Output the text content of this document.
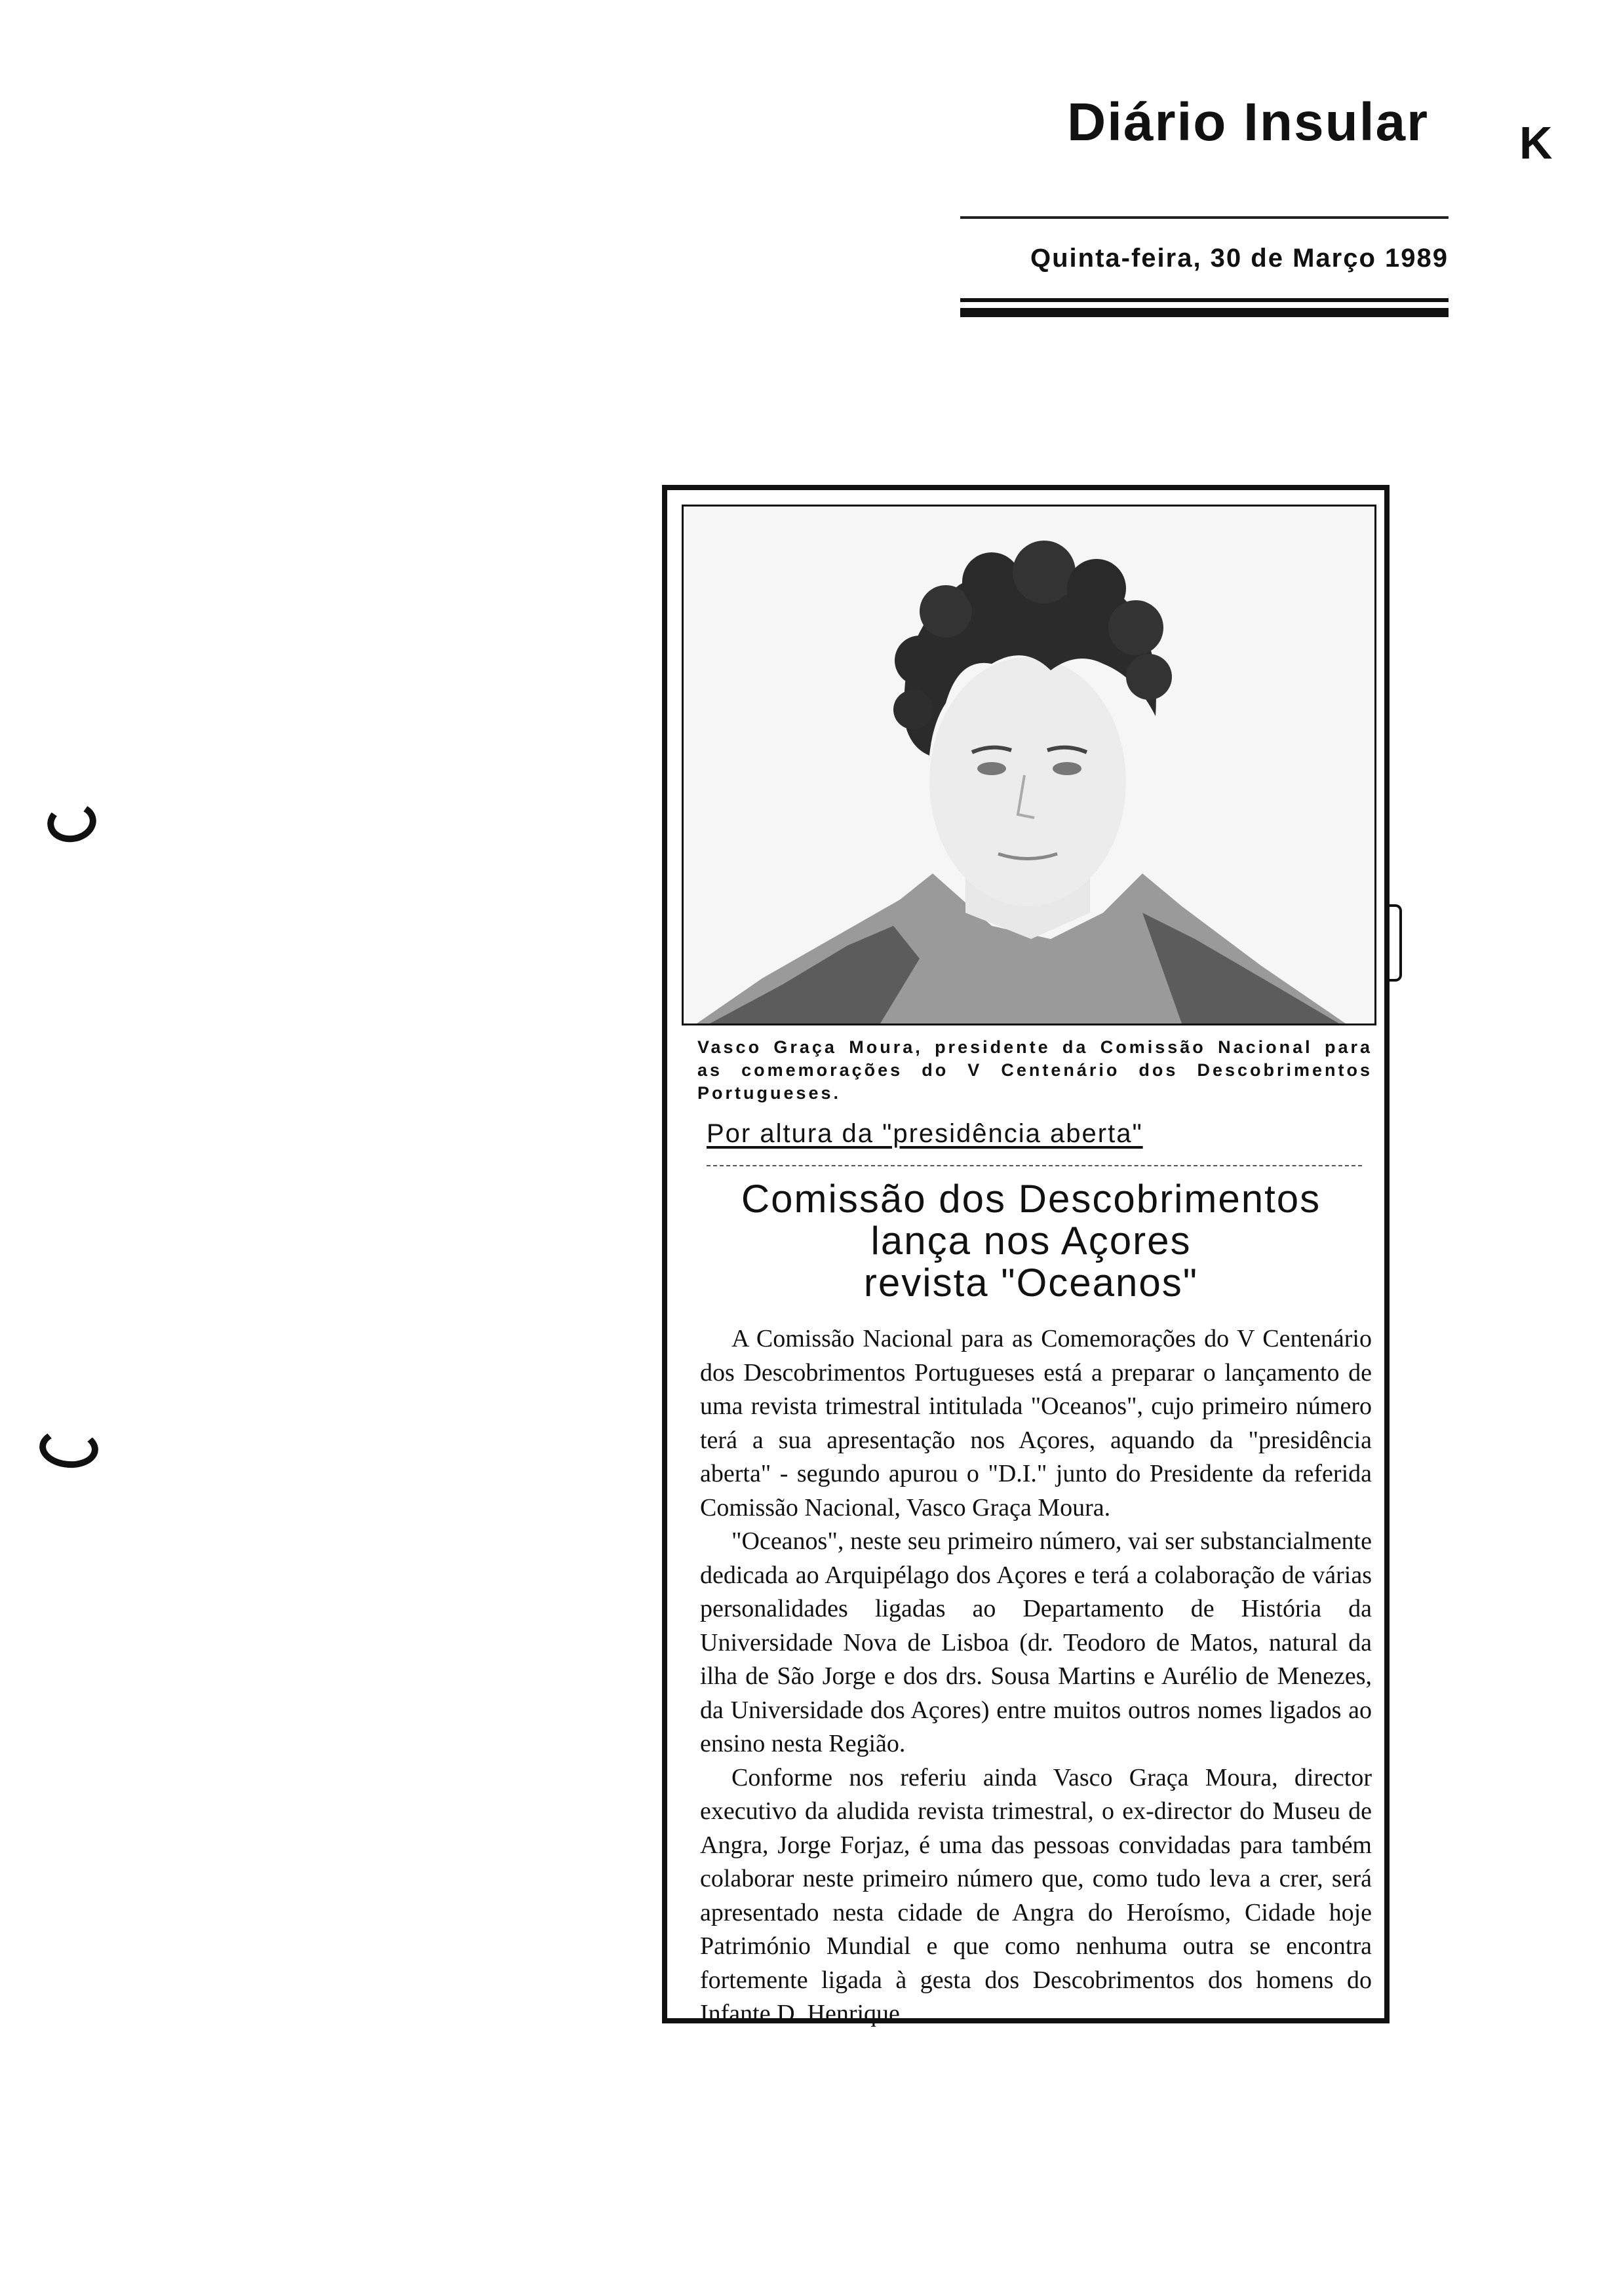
Diário Insular K
Quinta-feira, 30 de Março 1989
Vasco Graça Moura, presidente da Comissão Nacional para as comemorações do V Centenário dos Descobrimentos Portugueses.
Por altura da "presidência aberta"
Comissão dos Descobrimentos
lança nos Açores
revista "Oceanos"

A Comissão Nacional para as Comemorações do V Centenário dos Descobrimentos Portugueses está a preparar o lançamento de uma revista trimestral intitulada "Oceanos", cujo primeiro número terá a sua apresentação nos Açores, aquando da "presidência aberta" - segundo apurou o "D.I." junto do Presidente da referida Comissão Nacional, Vasco Graça Moura.

"Oceanos", neste seu primeiro número, vai ser substancialmente dedicada ao Arquipélago dos Açores e terá a colaboração de várias personalidades ligadas ao Departamento de História da Universidade Nova de Lisboa (dr. Teodoro de Matos, natural da ilha de São Jorge e dos drs. Sousa Martins e Aurélio de Menezes, da Universidade dos Açores) entre muitos outros nomes ligados ao ensino nesta Região.

Conforme nos referiu ainda Vasco Graça Moura, director executivo da aludida revista trimestral, o ex-director do Museu de Angra, Jorge Forjaz, é uma das pessoas convidadas para também colaborar neste primeiro número que, como tudo leva a crer, será apresentado nesta cidade de Angra do Heroísmo, Cidade hoje Património Mundial e que como nenhuma outra se encontra fortemente ligada à gesta dos Descobrimentos dos homens do Infante D. Henrique.
